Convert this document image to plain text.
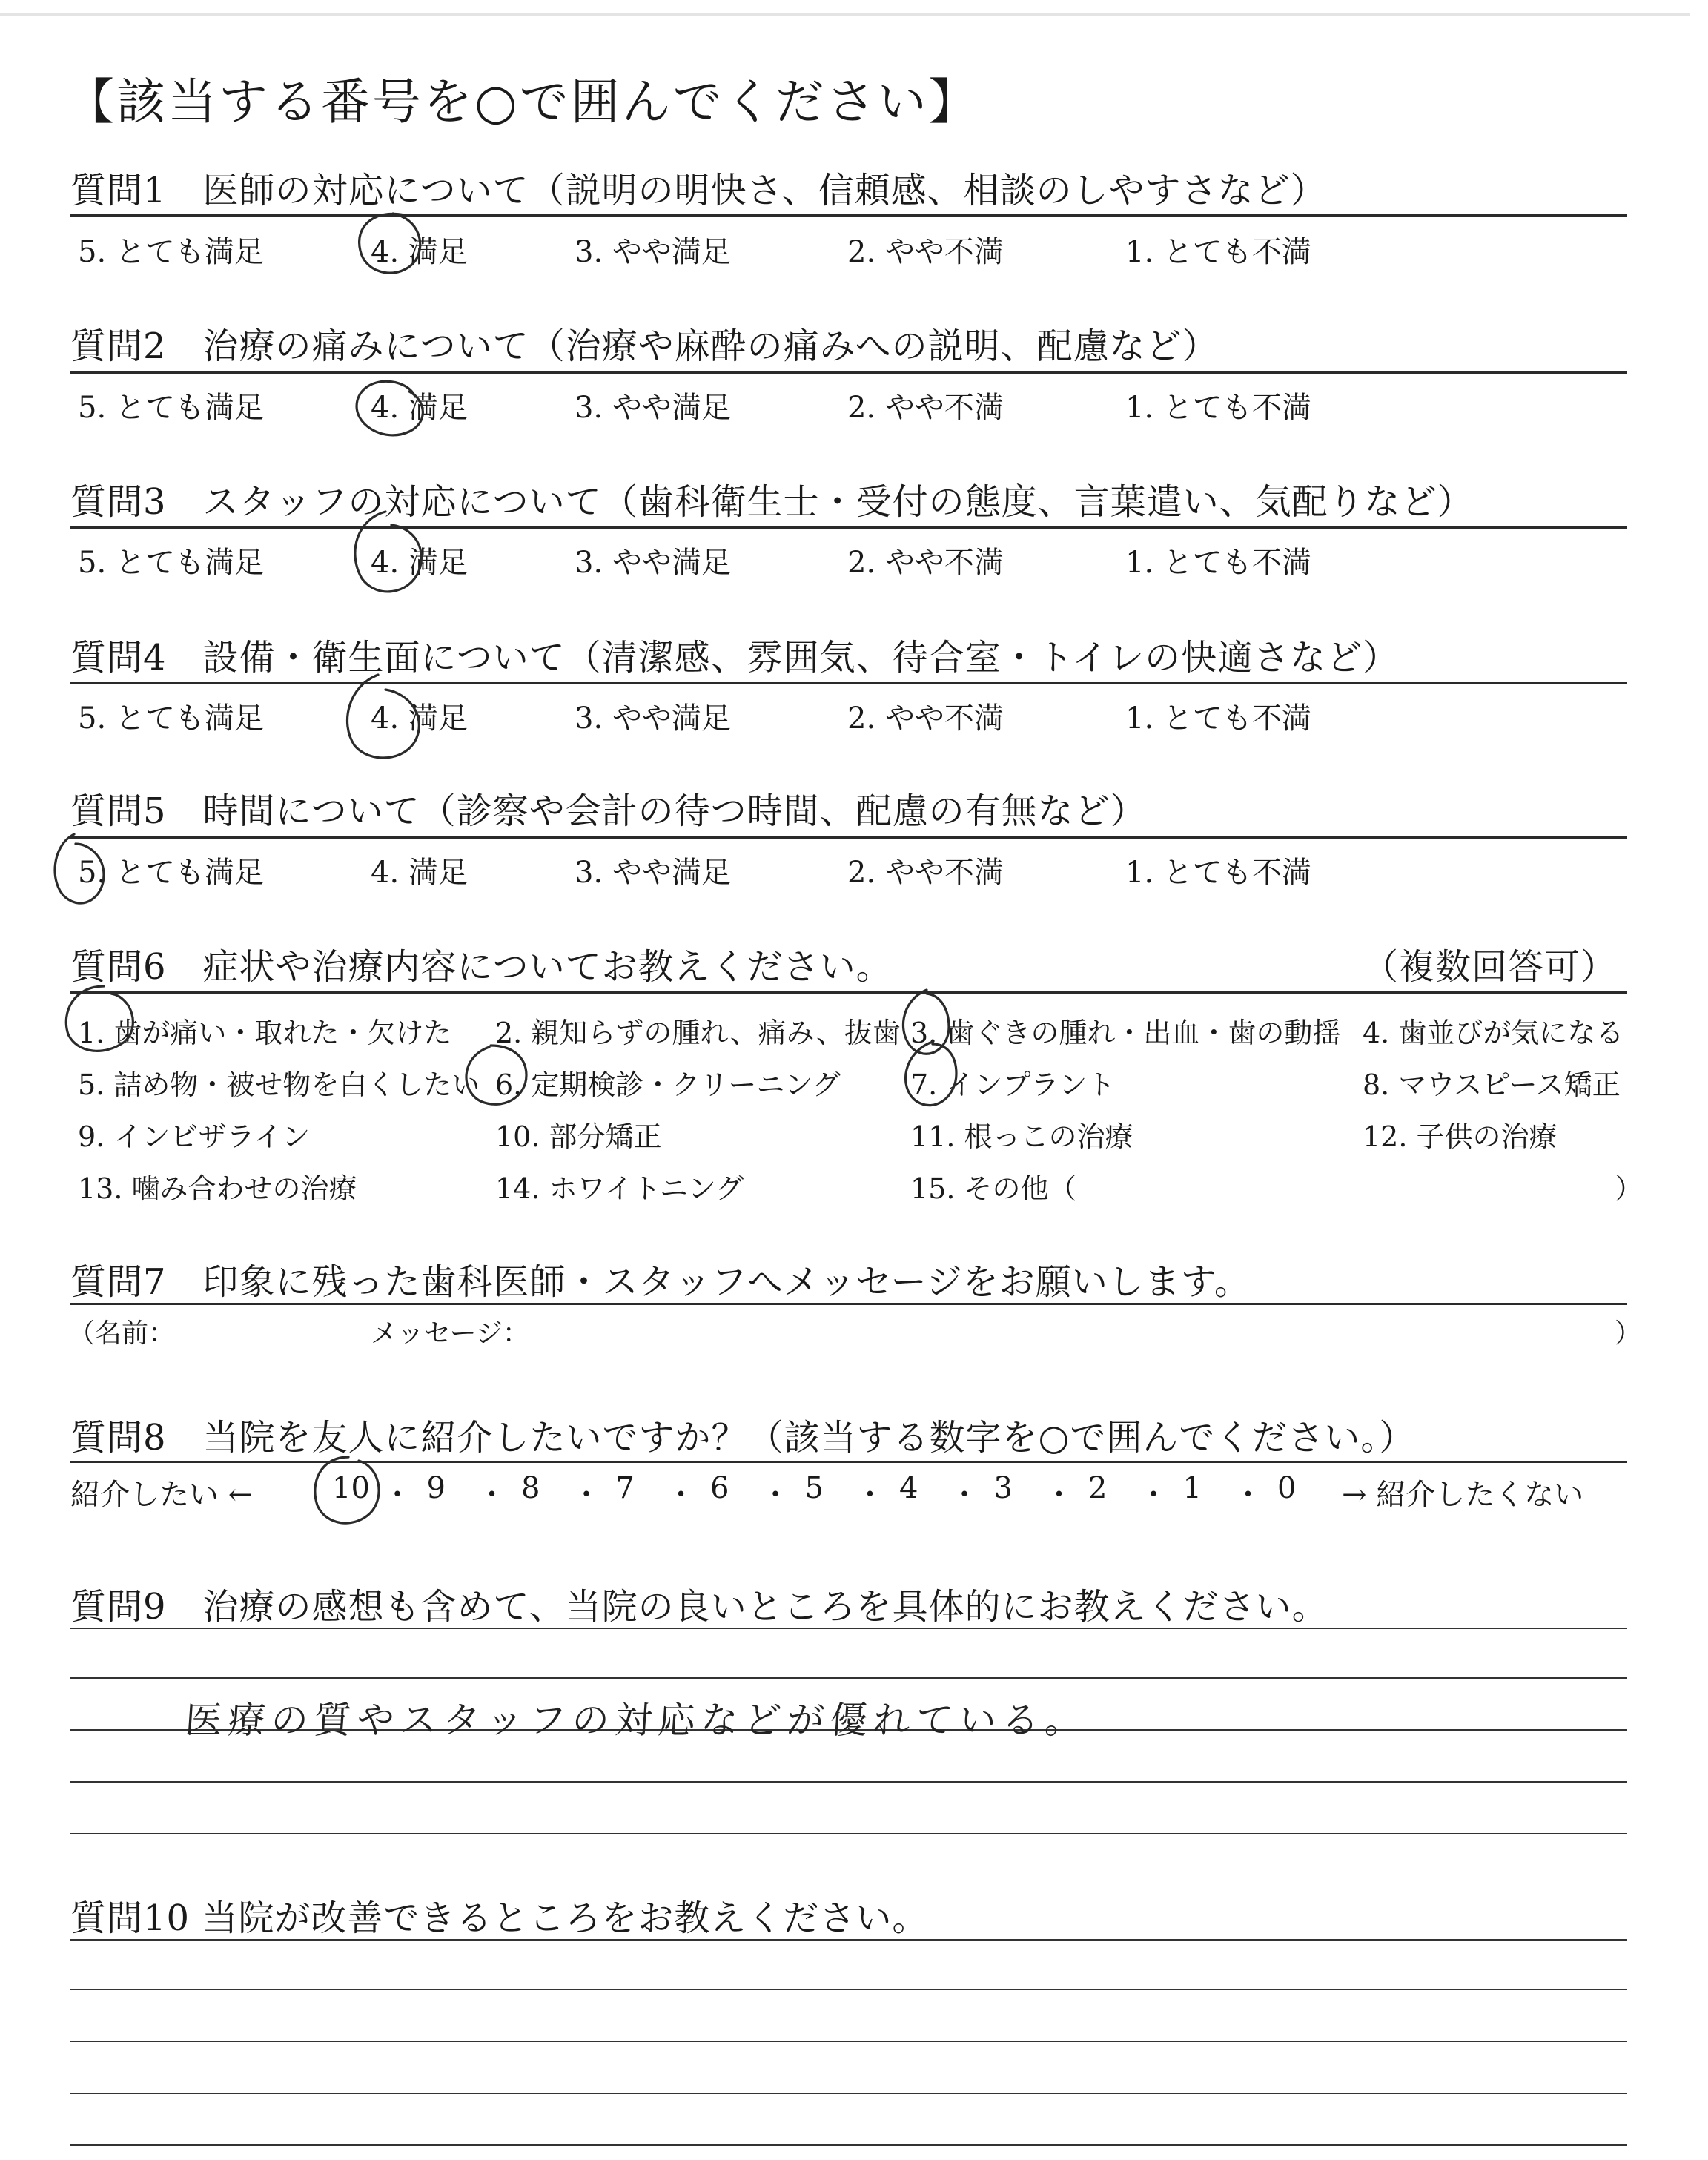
【該当する番号を○で囲んでください】
質問1　医師の対応について（説明の明快さ、信頼感、相談のしやすさなど）
5. とても満足	4. 満足	3. やや満足	2. やや不満	1. とても不満
質問2　治療の痛みについて（治療や麻酔の痛みへの説明、配慮など）
5. とても満足	4. 満足	3. やや満足	2. やや不満	1. とても不満
質問3　スタッフの対応について（歯科衛生士・受付の態度、言葉遣い、気配りなど）
5. とても満足	4. 満足	3. やや満足	2. やや不満	1. とても不満
質問4　設備・衛生面について（清潔感、雰囲気、待合室・トイレの快適さなど）
5. とても満足	4. 満足	3. やや満足	2. やや不満	1. とても不満
質問5　時間について（診察や会計の待つ時間、配慮の有無など）
5. とても満足	4. 満足	3. やや満足	2. やや不満	1. とても不満
質問6　症状や治療内容についてお教えください。	（複数回答可）
1. 歯が痛い・取れた・欠けた 2. 親知らずの腫れ、痛み、抜歯 3. 歯ぐきの腫れ・出血・歯の動揺 4. 歯並びが気になる
5. 詰め物・被せ物を白くしたい 6. 定期検診・クリーニング 7. インプラント	8. マウスピース矯正
9. インビザライン	10. 部分矯正	11. 根っこの治療	12. 子供の治療
13. 噛み合わせの治療	14. ホワイトニング	15. その他（	）
質問7　印象に残った歯科医師・スタッフへメッセージをお願いします。
（名前：	メッセージ：	）
質問8　当院を友人に紹介したいですか？（該当する数字を○で囲んでください。）
紹介したい ←	10 ・ 9 ・ 8 ・ 7 ・ 6 ・ 5 ・ 4 ・ 3 ・ 2 ・ 1 ・ 0 → 紹介したくない
質問9　治療の感想も含めて、当院の良いところを具体的にお教えください。
医療の質やスタッフの対応などが優れている。
質問10 当院が改善できるところをお教えください。
